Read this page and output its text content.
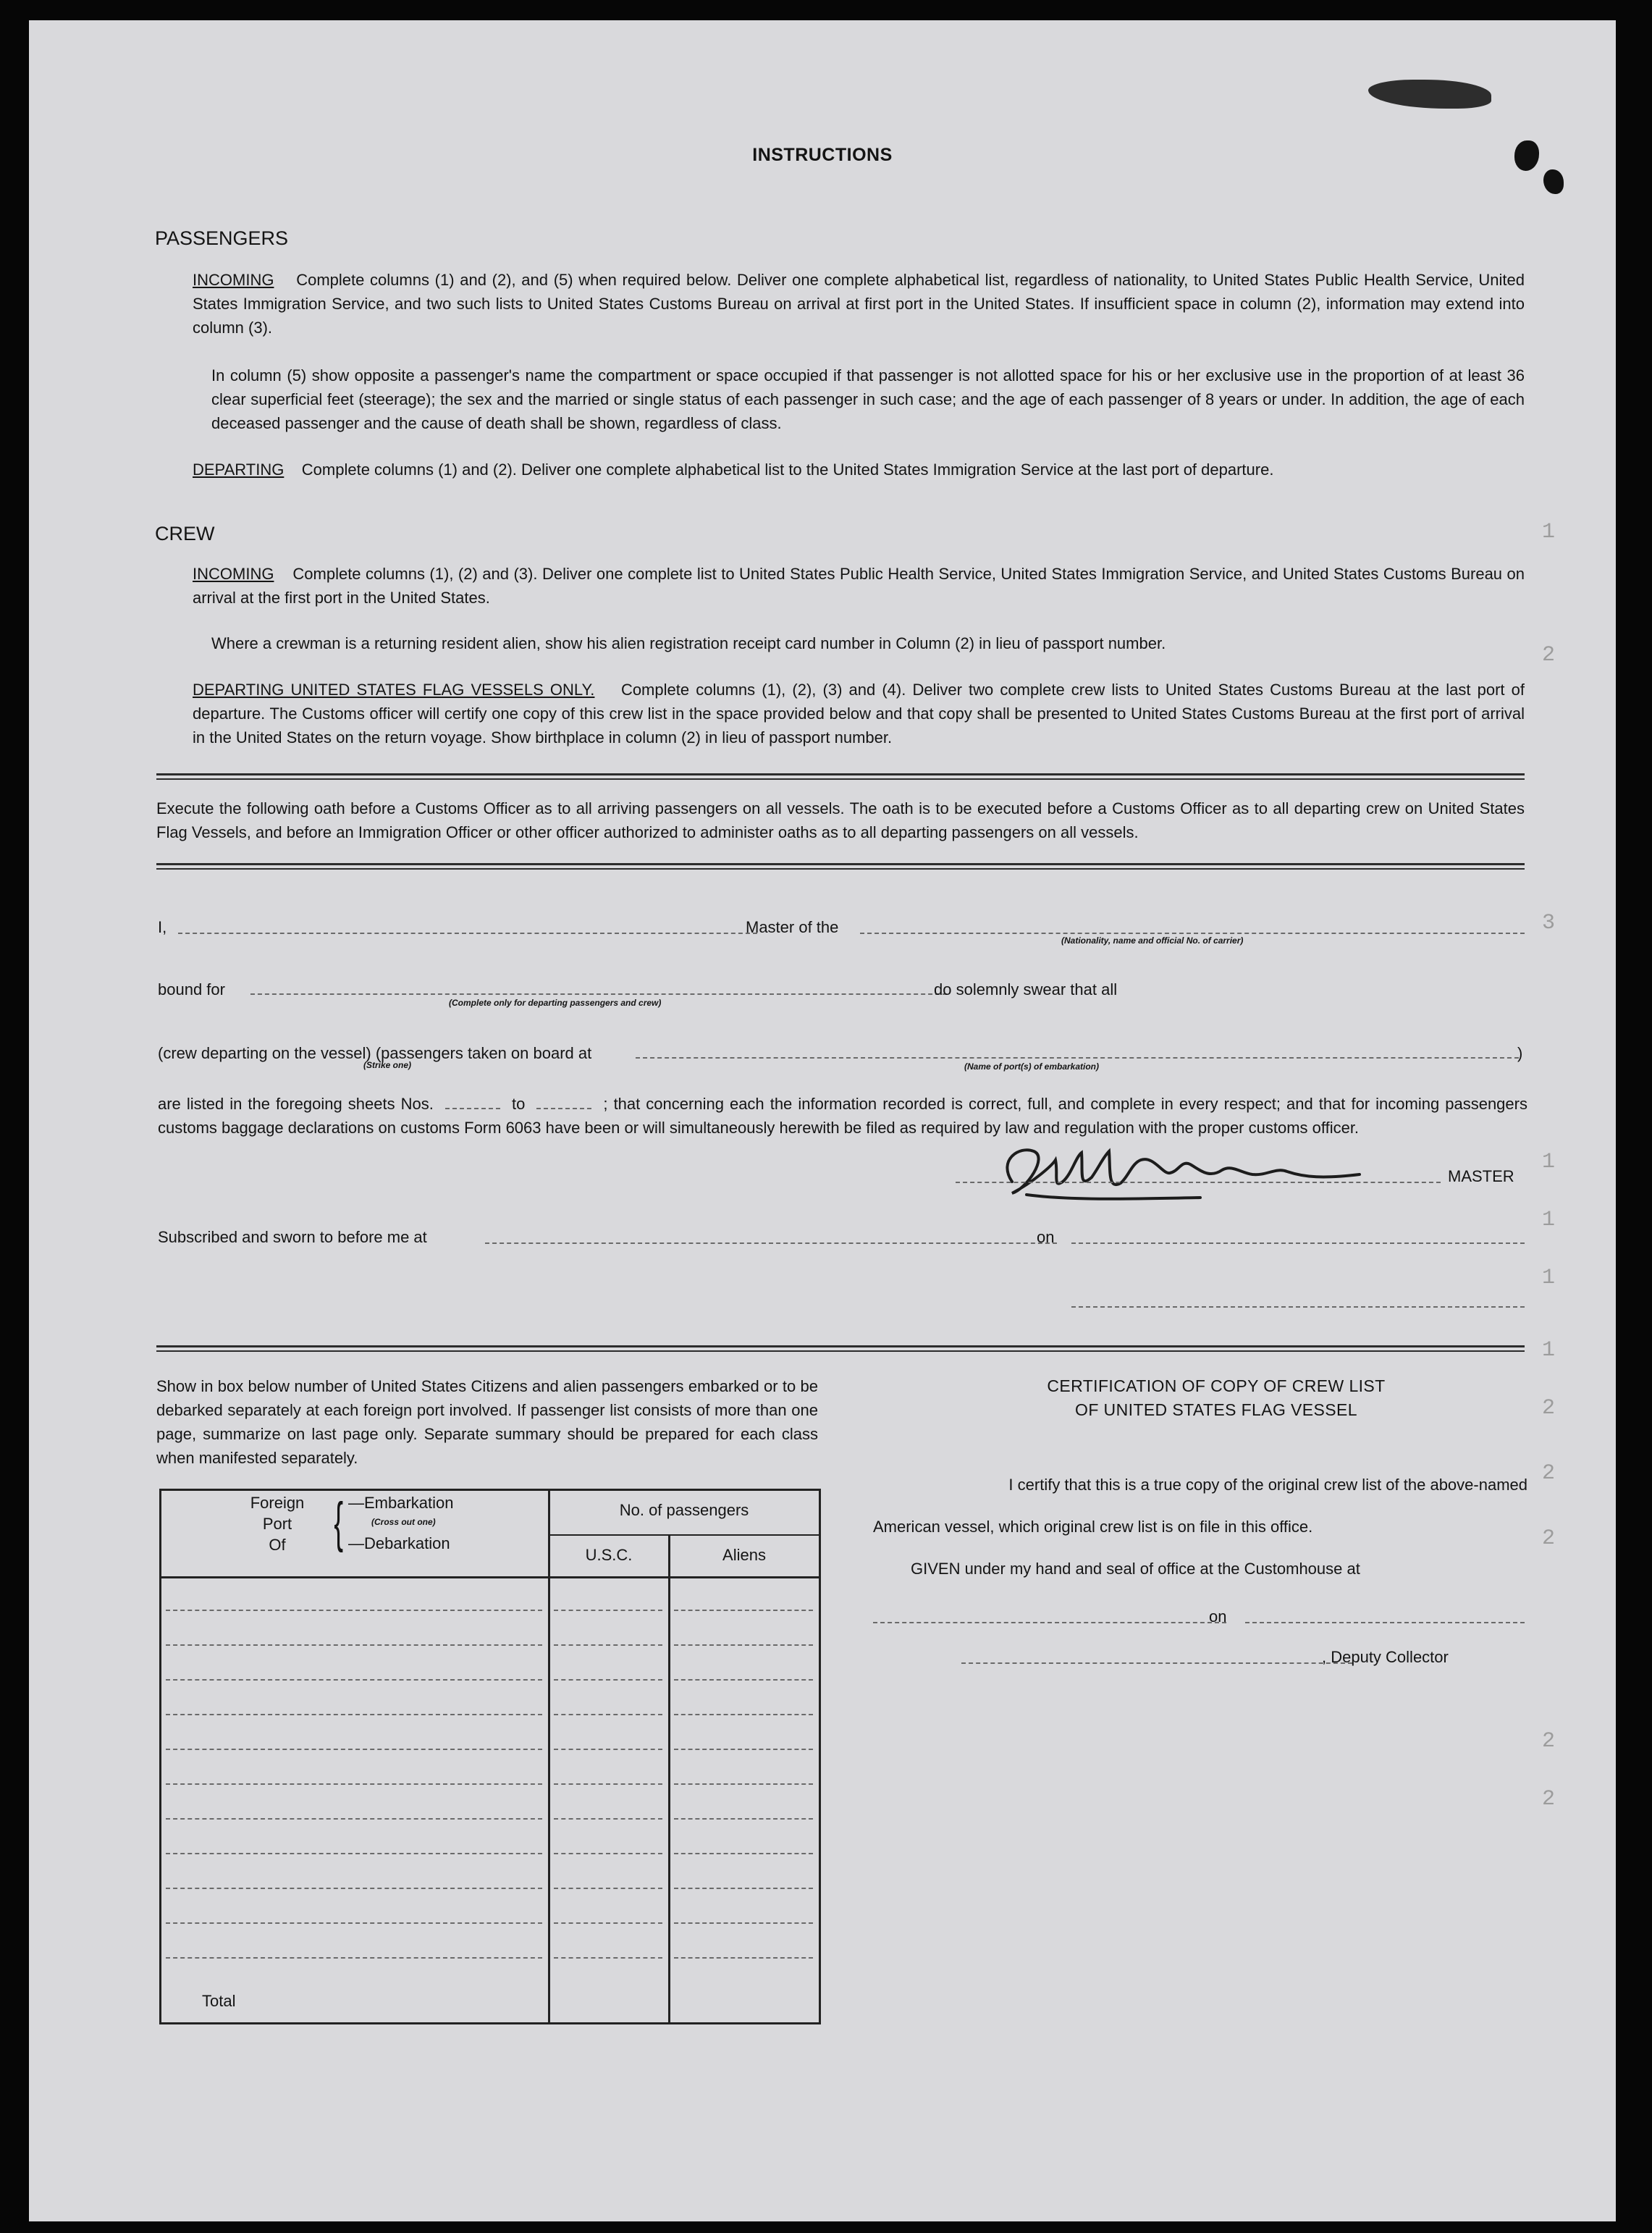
INSTRUCTIONS
PASSENGERS
INCOMING Complete columns (1) and (2), and (5) when required below. Deliver one complete alphabetical list, regardless of nationality, to United States Public Health Service, United States Immigration Service, and two such lists to United States Customs Bureau on arrival at first port in the United States. If insufficient space in column (2), information may extend into column (3).
In column (5) show opposite a passenger's name the compartment or space occupied if that passenger is not allotted space for his or her exclusive use in the proportion of at least 36 clear superficial feet (steerage); the sex and the married or single status of each passenger in such case; and the age of each passenger of 8 years or under. In addition, the age of each deceased passenger and the cause of death shall be shown, regardless of class.
DEPARTING Complete columns (1) and (2). Deliver one complete alphabetical list to the United States Immigration Service at the last port of departure.
CREW
INCOMING Complete columns (1), (2) and (3). Deliver one complete list to United States Public Health Service, United States Immigration Service, and United States Customs Bureau on arrival at the first port in the United States.
Where a crewman is a returning resident alien, show his alien registration receipt card number in Column (2) in lieu of passport number.
DEPARTING UNITED STATES FLAG VESSELS ONLY. Complete columns (1), (2), (3) and (4). Deliver two complete crew lists to United States Customs Bureau at the last port of departure. The Customs officer will certify one copy of this crew list in the space provided below and that copy shall be presented to United States Customs Bureau at the first port of arrival in the United States on the return voyage. Show birthplace in column (2) in lieu of passport number.
Execute the following oath before a Customs Officer as to all arriving passengers on all vessels. The oath is to be executed before a Customs Officer as to all departing crew on United States Flag Vessels, and before an Immigration Officer or other officer authorized to administer oaths as to all departing passengers on all vessels.
I,	Master of the
(Nationality, name and official No. of carrier)
bound for
(Complete only for departing passengers and crew)
do solemnly swear that all
(crew departing on the vessel) (passengers taken on board at
(Strike one)	(Name of port(s) of embarkation)
)
are listed in the foregoing sheets Nos.	to	; that concerning each the information recorded is correct, full, and complete in every respect; and that for incoming passengers customs baggage declarations on customs Form 6063 have been or will simultaneously herewith be filed as required by law and regulation with the proper customs officer.
MASTER
Subscribed and sworn to before me at	on
Show in box below number of United States Citizens and alien passengers embarked or to be debarked separately at each foreign port involved. If passenger list consists of more than one page, summarize on last page only. Separate summary should be prepared for each class when manifested separately.
Foreign
Port
Of { —Embarkation
(Cross out one)
—Debarkation
No. of passengers
U.S.C.	Aliens
Total
CERTIFICATION OF COPY OF CREW LIST
OF UNITED STATES FLAG VESSEL
I certify that this is a true copy of the original crew list of the above-named
American vessel, which original crew list is on file in this office.
GIVEN under my hand and seal of office at the Customhouse at
on
, Deputy Collector
1
2
3
1
1
1
1
2
2
2
2
2
